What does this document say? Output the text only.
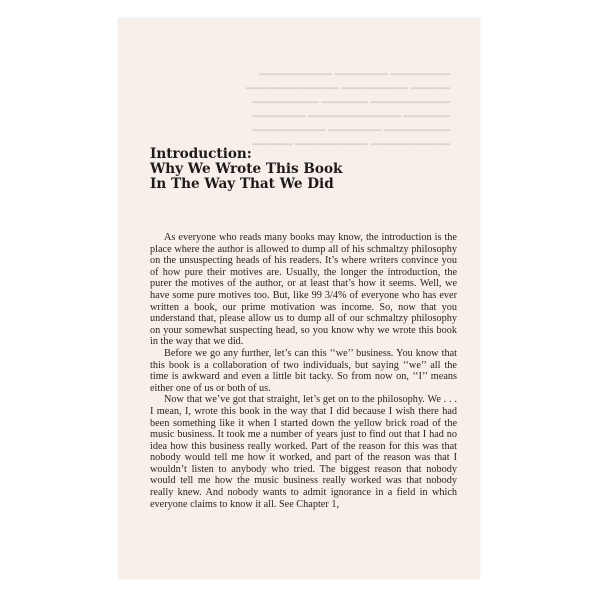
━━━━━━━━━ ━━━━━━━━ ━━━━━━━━━━━
━━━━━━ ━━━━━━━━━━ ━━━━━━━━━━━━━━
━━━━━━━━━━━━ ━━━━━━━ ━━━━━━━━━━
━━━━━━━ ━━━━━━━━━━━━━━ ━━━━━━━━
━━━━━━━━━━ ━━━━━━━━ ━━━━━━━━━━━
━━━━━━━━━━━━ ━━━━━━━━━━━ ━━━━━━

Introduction:
Why We Wrote This Book
In The Way That We Did

As everyone who reads many books may know, the introduction is the place where the author is allowed to dump all of his schmaltzy philosophy on the unsuspecting heads of his readers. It’s where writers convince you of how pure their motives are. Usually, the longer the introduction, the purer the motives of the author, or at least that’s how it seems. Well, we have some pure motives too. But, like 99 3/4% of everyone who has ever written a book, our prime motivation was income. So, now that you understand that, please allow us to dump all of our schmaltzy philosophy on your somewhat suspecting head, so you know why we wrote this book in the way that we did.

Before we go any further, let’s can this ‘‘we’’ business. You know that this book is a collaboration of two individuals, but saying ‘‘we’’ all the time is awkward and even a little bit tacky. So from now on, ‘‘I’’ means either one of us or both of us.

Now that we’ve got that straight, let’s get on to the philosophy. We . . . I mean, I, wrote this book in the way that I did because I wish there had been something like it when I started down the yellow brick road of the music business. It took me a number of years just to find out that I had no idea how this business really worked. Part of the reason for this was that nobody would tell me how it worked, and part of the reason was that I wouldn’t listen to anybody who tried. The biggest reason that nobody would tell me how the music business really worked was that nobody really knew. And nobody wants to admit ignorance in a field in which everyone claims to know it all. See Chapter 1,
